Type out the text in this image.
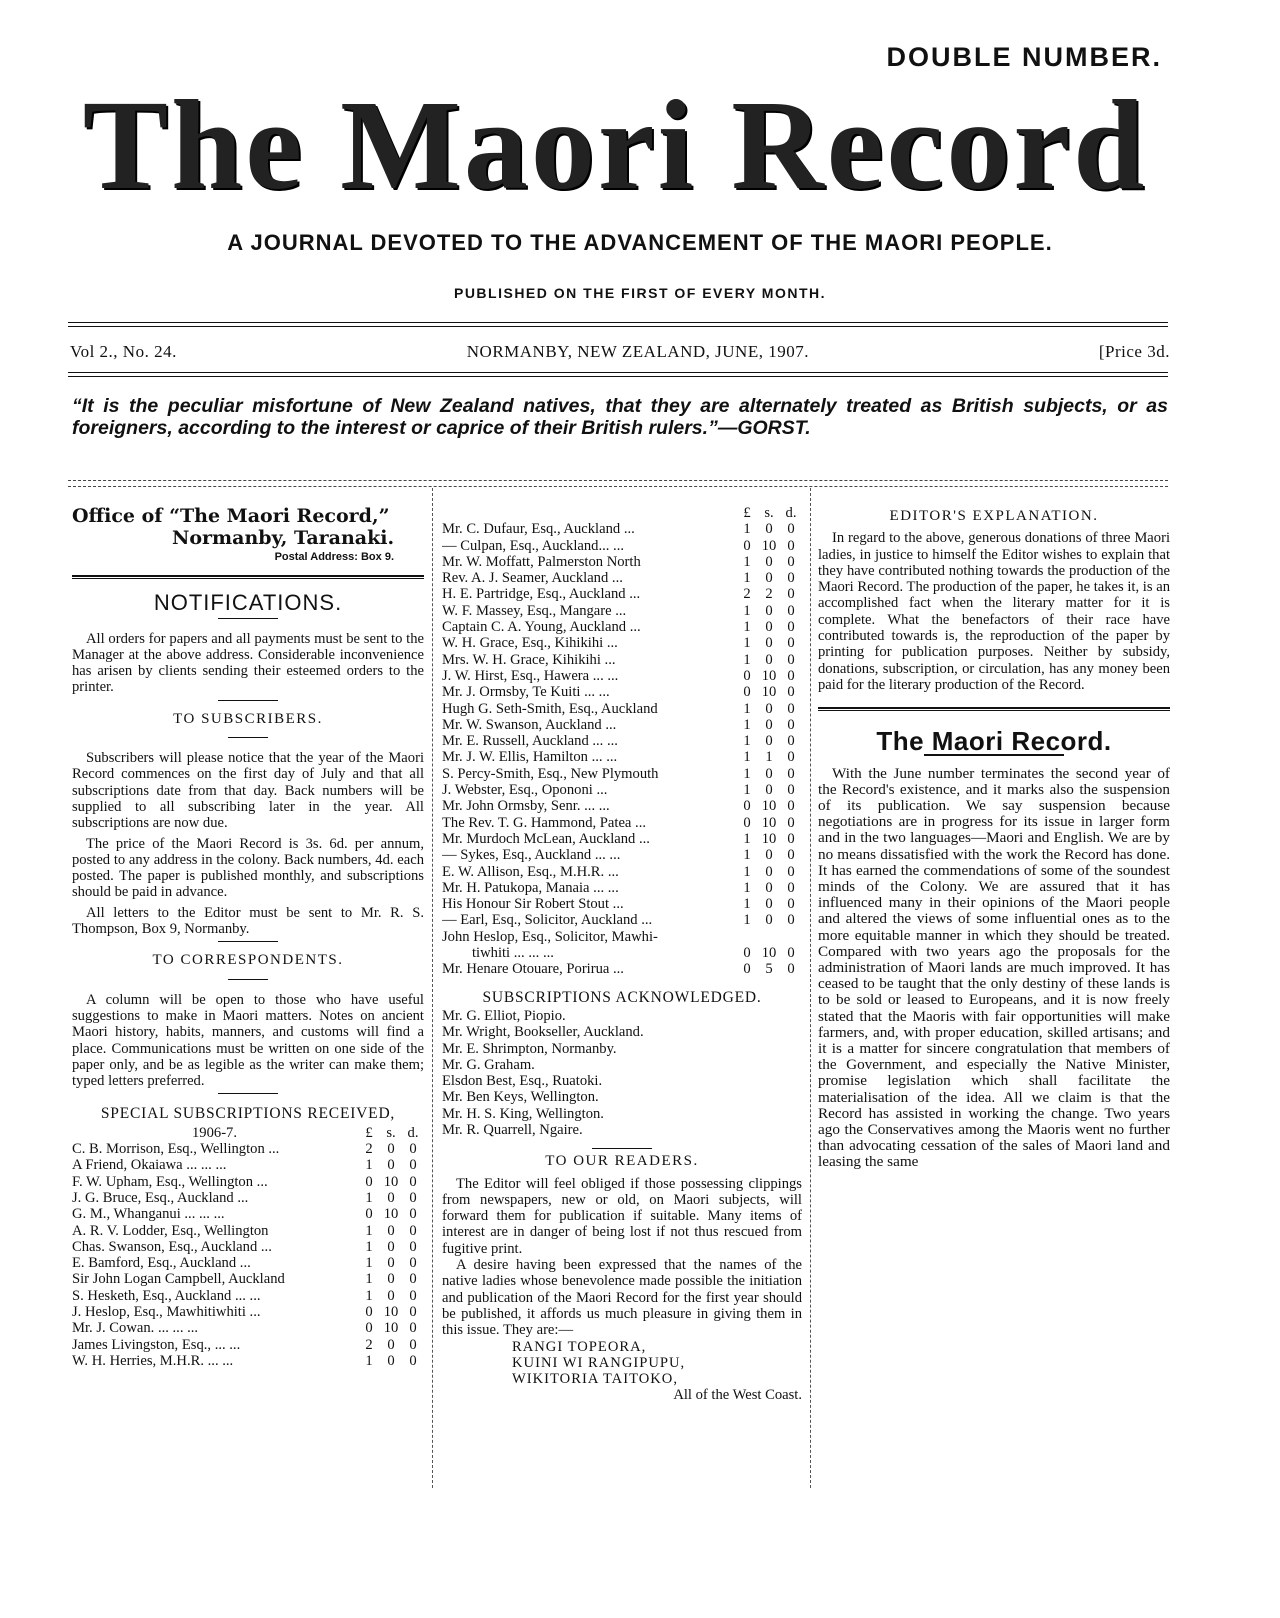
DOUBLE NUMBER.
The Maori Record
A JOURNAL DEVOTED TO THE ADVANCEMENT OF THE MAORI PEOPLE.
PUBLISHED ON THE FIRST OF EVERY MONTH.
Vol 2., No. 24.	NORMANBY, NEW ZEALAND, JUNE, 1907.	[Price 3d.
“It is the peculiar misfortune of New Zealand natives, that they are alternately treated as British subjects, or as foreigners, according to the interest or caprice of their British rulers.”—GORST.
Office of “The Maori Record,”
Normanby, Taranaki.
Postal Address: Box 9.
NOTIFICATIONS.

All orders for papers and all payments must be sent to the Manager at the above address. Considerable inconvenience has arisen by clients sending their esteemed orders to the printer.

TO SUBSCRIBERS.

Subscribers will please notice that the year of the Maori Record commences on the first day of July and that all subscriptions date from that day. Back numbers will be supplied to all subscribing later in the year. All subscriptions are now due.

The price of the Maori Record is 3s. 6d. per annum, posted to any address in the colony. Back numbers, 4d. each posted. The paper is published monthly, and subscriptions should be paid in advance.

All letters to the Editor must be sent to Mr. R. S. Thompson, Box 9, Normanby.

TO CORRESPONDENTS.

A column will be open to those who have useful suggestions to make in Maori matters. Notes on ancient Maori history, habits, manners, and customs will find a place. Communications must be written on one side of the paper only, and be as legible as the writer can make them; typed letters preferred.

SPECIAL SUBSCRIPTIONS RECEIVED,
1906-7.	£ s. d.
C. B. Morrison, Esq., Wellington ...	2	0	0
A Friend, Okaiawa ... ... ...	1	0	0
F. W. Upham, Esq., Wellington ...	0 10 0
J. G. Bruce, Esq., Auckland ...	1	0	0
G. M., Whanganui ... ... ...	0 10 0
A. R. V. Lodder, Esq., Wellington	1	0	0
Chas. Swanson, Esq., Auckland ...	1	0	0
E. Bamford, Esq., Auckland ...	1	0	0
Sir John Logan Campbell, Auckland	1	0	0
S. Hesketh, Esq., Auckland ... ...	1	0	0
J. Heslop, Esq., Mawhitiwhiti ...	0 10 0
Mr. J. Cowan. ... ... ...	0 10 0
James Livingston, Esq., ... ...	2	0	0
W. H. Herries, M.H.R. ... ...	1	0	0
£ s. d.
Mr. C. Dufaur, Esq., Auckland ...	1	0	0
— Culpan, Esq., Auckland... ...	0 10 0
Mr. W. Moffatt, Palmerston North	1	0	0
Rev. A. J. Seamer, Auckland ...	1	0	0
H. E. Partridge, Esq., Auckland ...	2	2	0
W. F. Massey, Esq., Mangare ...	1	0	0
Captain C. A. Young, Auckland ...	1	0	0
W. H. Grace, Esq., Kihikihi ...	1	0	0
Mrs. W. H. Grace, Kihikihi ...	1	0	0
J. W. Hirst, Esq., Hawera ... ...	0 10 0
Mr. J. Ormsby, Te Kuiti ... ...	0 10 0
Hugh G. Seth-Smith, Esq., Auckland	1	0	0
Mr. W. Swanson, Auckland ...	1	0	0
Mr. E. Russell, Auckland ... ...	1	0	0
Mr. J. W. Ellis, Hamilton ... ...	1	1	0
S. Percy-Smith, Esq., New Plymouth	1	0	0
J. Webster, Esq., Opononi ...	1	0	0
Mr. John Ormsby, Senr. ... ...	0 10 0
The Rev. T. G. Hammond, Patea ...	0 10 0
Mr. Murdoch McLean, Auckland ...	1 10 0
— Sykes, Esq., Auckland ... ...	1	0	0
E. W. Allison, Esq., M.H.R. ...	1	0	0
Mr. H. Patukopa, Manaia ... ...	1	0	0
His Honour Sir Robert Stout ...	1	0	0
— Earl, Esq., Solicitor, Auckland ...	1	0	0
John Heslop, Esq., Solicitor, Mawhi-
tiwhiti ... ... ...	0 10 0
Mr. Henare Otouare, Porirua ...	0	5	0
SUBSCRIPTIONS ACKNOWLEDGED.
Mr. G. Elliot, Piopio.
Mr. Wright, Bookseller, Auckland.
Mr. E. Shrimpton, Normanby.
Mr. G. Graham.
Elsdon Best, Esq., Ruatoki.
Mr. Ben Keys, Wellington.
Mr. H. S. King, Wellington.
Mr. R. Quarrell, Ngaire.
TO OUR READERS.

The Editor will feel obliged if those possessing clippings from newspapers, new or old, on Maori subjects, will forward them for publication if suitable. Many items of interest are in danger of being lost if not thus rescued from fugitive print.

A desire having been expressed that the names of the native ladies whose benevolence made possible the initiation and publication of the Maori Record for the first year should be published, it affords us much pleasure in giving them in this issue. They are:—

RANGI TOPEORA,
KUINI WI RANGIPUPU,
WIKITORIA TAITOKO,
All of the West Coast.
EDITOR'S EXPLANATION.

In regard to the above, generous donations of three Maori ladies, in justice to himself the Editor wishes to explain that they have contributed nothing towards the production of the Maori Record. The production of the paper, he takes it, is an accomplished fact when the literary matter for it is complete. What the benefactors of their race have contributed towards is, the reproduction of the paper by printing for publication purposes. Neither by subsidy, donations, subscription, or circulation, has any money been paid for the literary production of the Record.

The Maori Record.

With the June number terminates the second year of the Record's existence, and it marks also the suspension of its publication. We say suspension because negotiations are in progress for its issue in larger form and in the two languages—Maori and English. We are by no means dissatisfied with the work the Record has done. It has earned the commendations of some of the soundest minds of the Colony. We are assured that it has influenced many in their opinions of the Maori people and altered the views of some influential ones as to the more equitable manner in which they should be treated. Compared with two years ago the proposals for the administration of Maori lands are much improved. It has ceased to be taught that the only destiny of these lands is to be sold or leased to Europeans, and it is now freely stated that the Maoris with fair opportunities will make farmers, and, with proper education, skilled artisans; and it is a matter for sincere congratulation that members of the Government, and especially the Native Minister, promise legislation which shall facilitate the materialisation of the idea. All we claim is that the Record has assisted in working the change. Two years ago the Conservatives among the Maoris went no further than advocating cessation of the sales of Maori land and leasing the same
